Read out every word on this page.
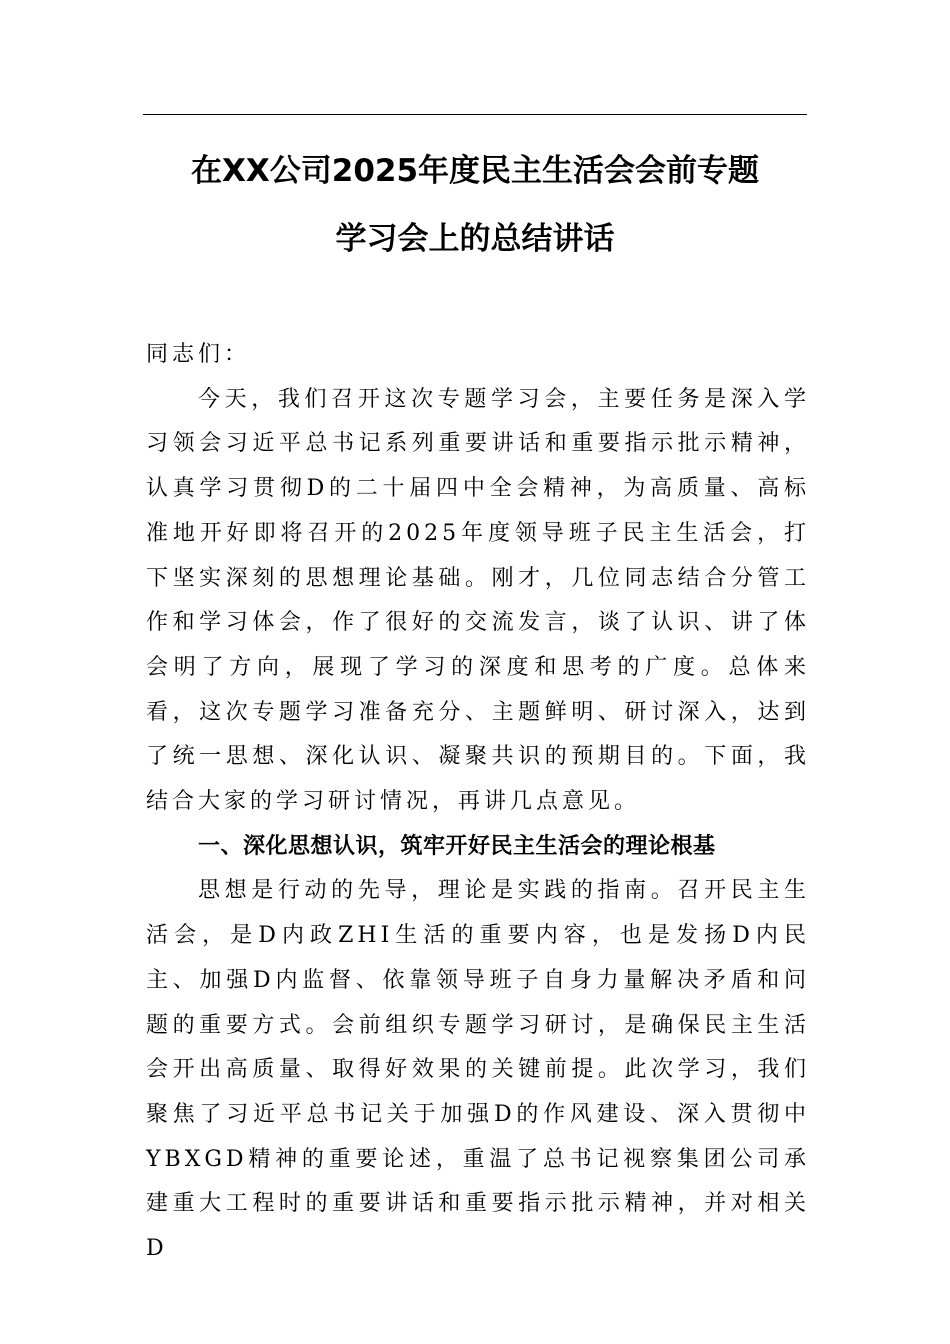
在XX公司2025年度民主生活会会前专题
学习会上的总结讲话

同志们：

今天，我们召开这次专题学习会，主要任务是深入学习领会习近平总书记系列重要讲话和重要指示批示精神，认真学习贯彻D的二十届四中全会精神，为高质量、高标准地开好即将召开的2025年度领导班子民主生活会，打下坚实深刻的思想理论基础。刚才，几位同志结合分管工作和学习体会，作了很好的交流发言，谈了认识、讲了体会明了方向，展现了学习的深度和思考的广度。总体来看，这次专题学习准备充分、主题鲜明、研讨深入，达到了统一思想、深化认识、凝聚共识的预期目的。下面，我结合大家的学习研讨情况，再讲几点意见。

一、深化思想认识，筑牢开好民主生活会的理论根基

思想是行动的先导，理论是实践的指南。召开民主生活会，是D内政ZHI生活的重要内容，也是发扬D内民主、加强D内监督、依靠领导班子自身力量解决矛盾和问题的重要方式。会前组织专题学习研讨，是确保民主生活会开出高质量、取得好效果的关键前提。此次学习，我们聚焦了习近平总书记关于加强D的作风建设、深入贯彻中YBXGD精神的重要论述，重温了总书记视察集团公司承建重大工程时的重要讲话和重要指示批示精神，并对相关D
